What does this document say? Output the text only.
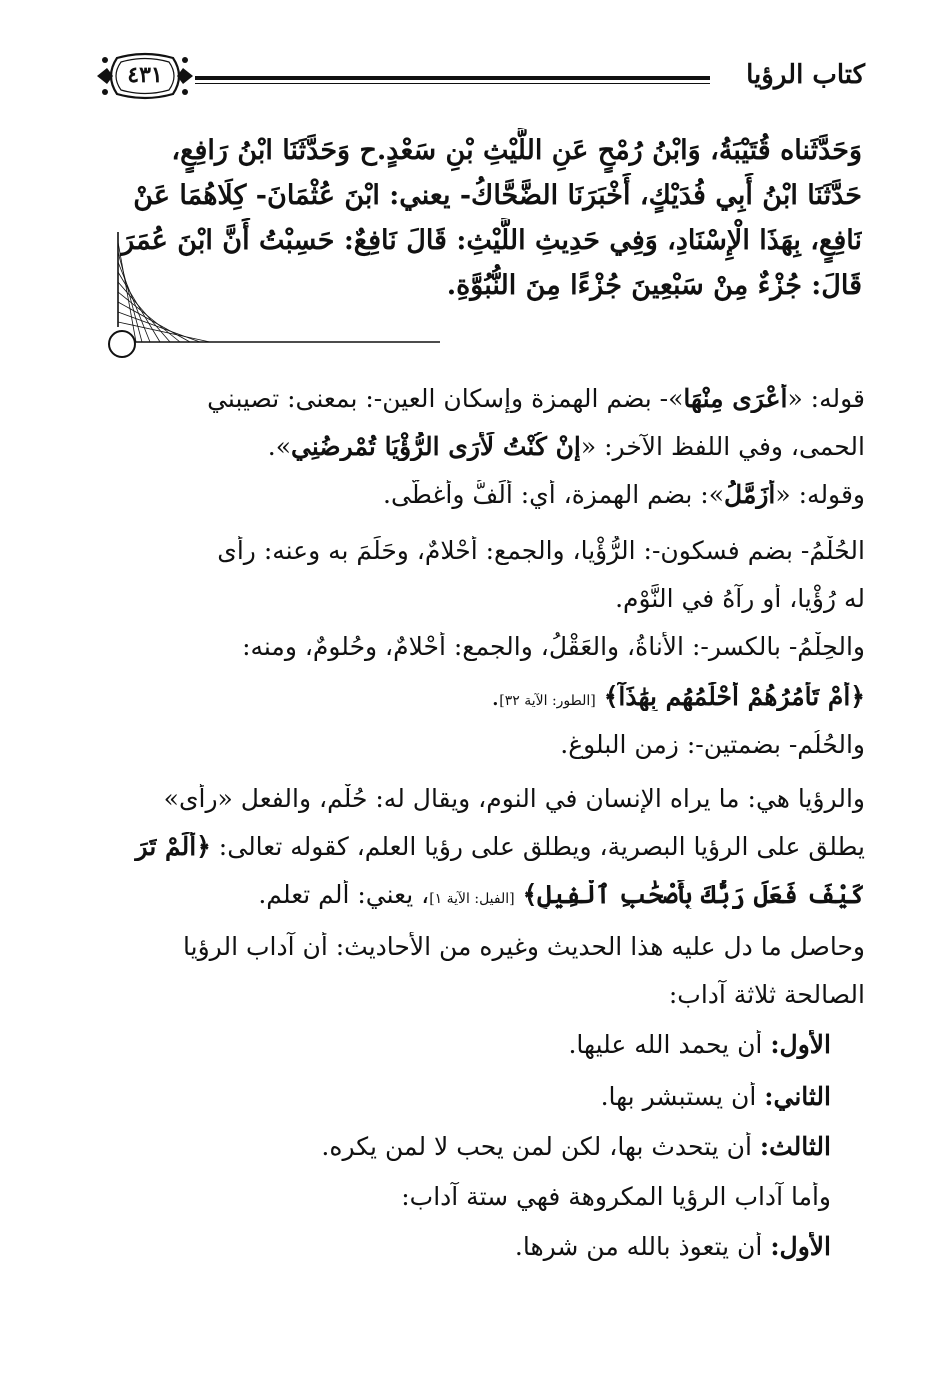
كتاب الرؤيا
٤٣١
وَحَدَّثَناه قُتَيْبَةُ، وَابْنُ رُمْحٍ عَنِ اللَّيْثِ بْنِ سَعْدٍ.ح وَحَدَّثَنَا ابْنُ رَافِعٍ،
حَدَّثَنَا ابْنُ أَبِي فُدَيْكٍ، أَخْبَرَنَا الضَّحَّاكُ- يعني: ابْنَ عُثْمَانَ- كِلَاهُمَا عَنْ
نَافِعٍ، بِهَذَا الْإِسْنَادِ، وَفِي حَدِيثِ اللَّيْثِ: قَالَ نَافِعٌ: حَسِبْتُ أَنَّ ابْنَ عُمَرَ
قَالَ: جُزْءٌ مِنْ سَبْعِينَ جُزْءًا مِنَ النُّبُوَّةِ.
قوله: «أُعْرَى مِنْهَا»- بضم الهمزة وإسكان العين-: بمعنى: تصيبني
الحمى، وفي اللفظ الآخر: «إِنْ كُنْتُ لَأَرَى الرُّؤْيَا تُمْرِضُنِي».
وقوله: «أُزَمَّلُ»: بضم الهمزة، أي: أُلَفُّ وأُغطَّى.
الحُلْمُ- بضم فسكون-: الرُّؤْيا، والجمع: أحْلامٌ، وحَلَمَ به وعنه: رأى
له رُؤْيا، أو رآهُ في النَّوْم.
والحِلْمُ- بالكسر-: الأناةُ، والعَقْلُ، والجمع: أحْلامٌ، وحُلومٌ، ومنه:
﴿أَمْ تَأْمُرُهُمْ أَحْلَٰمُهُم بِهَٰذَآ﴾ [الطور: الآية ٣٢].
والحُلُم- بضمتين-: زمن البلوغ.
والرؤيا هي: ما يراه الإنسان في النوم، ويقال له: حُلْم، والفعل «رأى»
يطلق على الرؤيا البصرية، ويطلق على رؤيا العلم، كقوله تعالى: ﴿أَلَمْ تَرَ
كَيْفَ فَعَلَ رَبُّكَ بِأَصْحَٰبِ ٱلْفِيلِ﴾ [الفيل: الآية ١]، يعني: ألم تعلم.
وحاصل ما دل عليه هذا الحديث وغيره من الأحاديث: أن آداب الرؤيا
الصالحة ثلاثة آداب:
الأول: أن يحمد الله عليها.
الثاني: أن يستبشر بها.
الثالث: أن يتحدث بها، لكن لمن يحب لا لمن يكره.
وأما آداب الرؤيا المكروهة فهي ستة آداب:
الأول: أن يتعوذ بالله من شرها.
